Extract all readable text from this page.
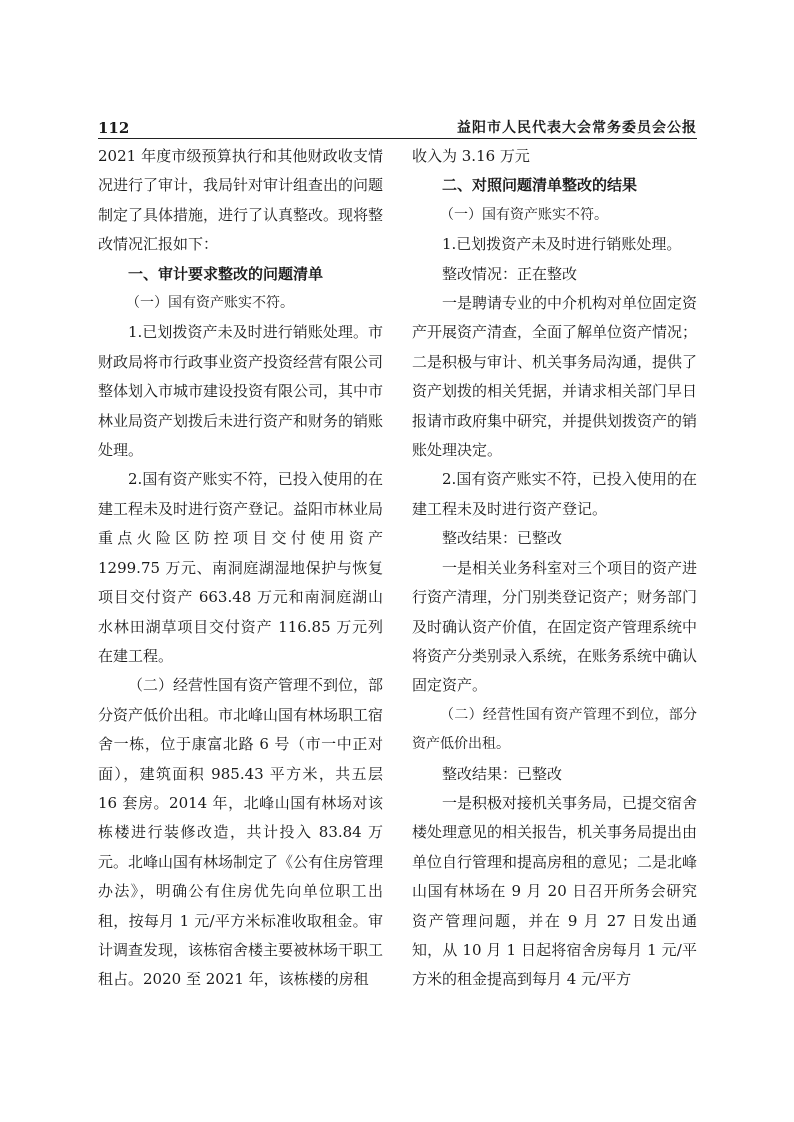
112	益阳市人民代表大会常务委员会公报

2021 年度市级预算执行和其他财政收支情况进行了审计，我局针对审计组查出的问题制定了具体措施，进行了认真整改。现将整改情况汇报如下：

一、审计要求整改的问题清单

（一）国有资产账实不符。

1.已划拨资产未及时进行销账处理。市财政局将市行政事业资产投资经营有限公司整体划入市城市建设投资有限公司，其中市林业局资产划拨后未进行资产和财务的销账处理。

2.国有资产账实不符，已投入使用的在建工程未及时进行资产登记。益阳市林业局重点火险区防控项目交付使用资产 1299.75 万元、南洞庭湖湿地保护与恢复项目交付资产 663.48 万元和南洞庭湖山水林田湖草项目交付资产 116.85 万元列在建工程。

（二）经营性国有资产管理不到位，部分资产低价出租。市北峰山国有林场职工宿舍一栋，位于康富北路 6 号（市一中正对面），建筑面积 985.43 平方米，共五层 16 套房。2014 年，北峰山国有林场对该栋楼进行装修改造，共计投入 83.84 万元。北峰山国有林场制定了《公有住房管理办法》，明确公有住房优先向单位职工出租，按每月 1 元/平方米标准收取租金。审计调查发现，该栋宿舍楼主要被林场干职工租占。2020 至 2021 年，该栋楼的房租

收入为 3.16 万元

二、对照问题清单整改的结果

（一）国有资产账实不符。

1.已划拨资产未及时进行销账处理。

整改情况：正在整改

一是聘请专业的中介机构对单位固定资产开展资产清查，全面了解单位资产情况；二是积极与审计、机关事务局沟通，提供了资产划拨的相关凭据，并请求相关部门早日报请市政府集中研究，并提供划拨资产的销账处理决定。

2.国有资产账实不符，已投入使用的在建工程未及时进行资产登记。

整改结果：已整改

一是相关业务科室对三个项目的资产进行资产清理，分门别类登记资产；财务部门及时确认资产价值，在固定资产管理系统中将资产分类别录入系统，在账务系统中确认固定资产。

（二）经营性国有资产管理不到位，部分资产低价出租。

整改结果：已整改

一是积极对接机关事务局，已提交宿舍楼处理意见的相关报告，机关事务局提出由单位自行管理和提高房租的意见；二是北峰山国有林场在 9 月 20 日召开所务会研究资产管理问题，并在 9 月 27 日发出通知，从 10 月 1 日起将宿舍房每月 1 元/平方米的租金提高到每月 4 元/平方
